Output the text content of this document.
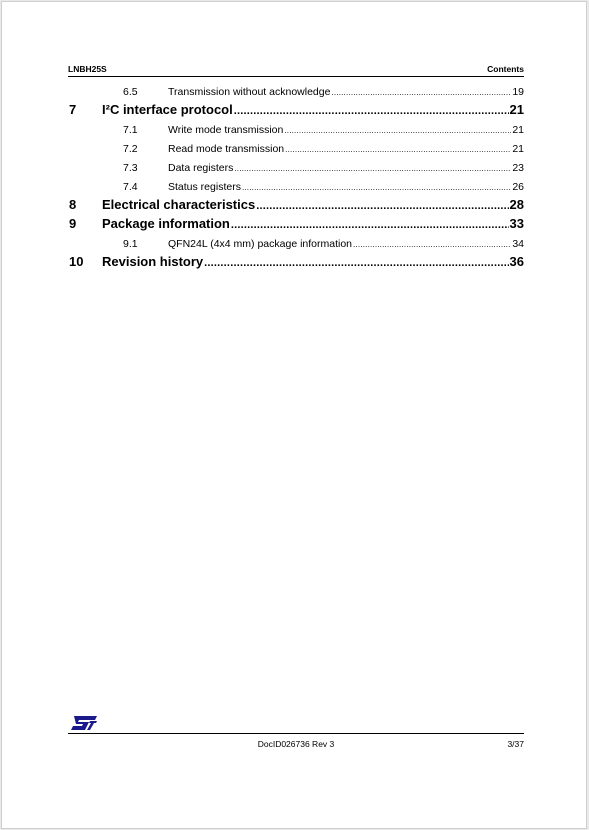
LNBH25S	Contents
6.5	Transmission without acknowledge .....	19
7	I²C interface protocol .....	21
7.1	Write mode transmission .....	21
7.2	Read mode transmission .....	21
7.3	Data registers .....	23
7.4	Status registers .....	26
8	Electrical characteristics .....	28
9	Package information .....	33
9.1	QFN24L (4x4 mm) package information .....	34
10	Revision history .....	36
DocID026736 Rev 3	3/37
